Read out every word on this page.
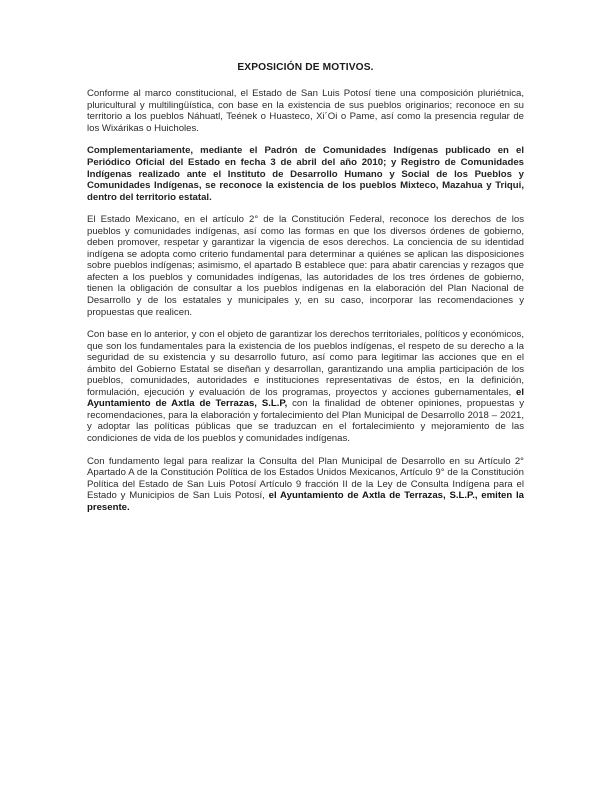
EXPOSICIÓN DE MOTIVOS.

Conforme al marco constitucional, el Estado de San Luis Potosí tiene una composición pluriétnica, pluricultural y multilingüística, con base en la existencia de sus pueblos originarios; reconoce en su territorio a los pueblos Náhuatl, Teének o Huasteco, Xi´Oi o Pame, así como la presencia regular de los Wixárikas o Huicholes.

Complementariamente, mediante el Padrón de Comunidades Indígenas publicado en el Periódico Oficial del Estado en fecha 3 de abril del año 2010; y Registro de Comunidades Indígenas realizado ante el Instituto de Desarrollo Humano y Social de los Pueblos y Comunidades Indígenas, se reconoce la existencia de los pueblos Mixteco, Mazahua y Triqui, dentro del territorio estatal.

El Estado Mexicano, en el artículo 2° de la Constitución Federal, reconoce los derechos de los pueblos y comunidades indígenas, así como las formas en que los diversos órdenes de gobierno, deben promover, respetar y garantizar la vigencia de esos derechos. La conciencia de su identidad indígena se adopta como criterio fundamental para determinar a quiénes se aplican las disposiciones sobre pueblos indígenas; asimismo, el apartado B establece que: para abatir carencias y rezagos que afecten a los pueblos y comunidades indígenas, las autoridades de los tres órdenes de gobierno, tienen la obligación de consultar a los pueblos indígenas en la elaboración del Plan Nacional de Desarrollo y de los estatales y municipales y, en su caso, incorporar las recomendaciones y propuestas que realicen.

Con base en lo anterior, y con el objeto de garantizar los derechos territoriales, políticos y económicos, que son los fundamentales para la existencia de los pueblos indígenas, el respeto de su derecho a la seguridad de su existencia y su desarrollo futuro, así como para legitimar las acciones que en el ámbito del Gobierno Estatal se diseñan y desarrollan, garantizando una amplia participación de los pueblos, comunidades, autoridades e instituciones representativas de éstos, en la definición, formulación, ejecución y evaluación de los programas, proyectos y acciones gubernamentales, el Ayuntamiento de Axtla de Terrazas, S.L.P, con la finalidad de obtener opiniones, propuestas y recomendaciones, para la elaboración y fortalecimiento del Plan Municipal de Desarrollo 2018 – 2021, y adoptar las políticas públicas que se traduzcan en el fortalecimiento y mejoramiento de las condiciones de vida de los pueblos y comunidades indígenas.

Con fundamento legal para realizar la Consulta del Plan Municipal de Desarrollo en su Artículo 2° Apartado A de la Constitución Política de los Estados Unidos Mexicanos, Artículo 9° de la Constitución Política del Estado de San Luis Potosí Artículo 9 fracción II de la Ley de Consulta Indígena para el Estado y Municipios de San Luis Potosí, el Ayuntamiento de Axtla de Terrazas, S.L.P., emiten la presente.
